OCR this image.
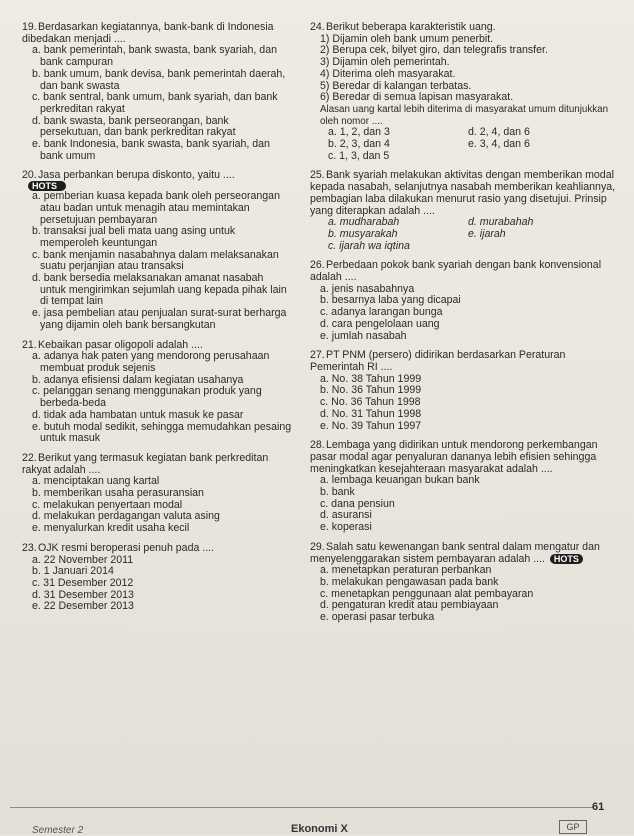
19.Berdasarkan kegiatannya, bank-bank di Indonesia dibedakan menjadi ....
a. bank pemerintah, bank swasta, bank syariah, dan bank campuran
b. bank umum, bank devisa, bank pemerintah daerah, dan bank swasta
c. bank sentral, bank umum, bank syariah, dan bank perkreditan rakyat
d. bank swasta, bank perseorangan, bank persekutuan, dan bank perkreditan rakyat
e. bank Indonesia, bank swasta, bank syariah, dan bank umum
20.Jasa perbankan berupa diskonto, yaitu ....
HOTS
a. pemberian kuasa kepada bank oleh perseorangan atau badan untuk menagih atau memintakan persetujuan pembayaran
b. transaksi jual beli mata uang asing untuk memperoleh keuntungan
c. bank menjamin nasabahnya dalam melaksanakan suatu perjanjian atau transaksi
d. bank bersedia melaksanakan amanat nasabah untuk mengirimkan sejumlah uang kepada pihak lain di tempat lain
e. jasa pembelian atau penjualan surat-surat berharga yang dijamin oleh bank bersangkutan
21.Kebaikan pasar oligopoli adalah ....
a. adanya hak paten yang mendorong perusahaan membuat produk sejenis
b. adanya efisiensi dalam kegiatan usahanya
c. pelanggan senang menggunakan produk yang berbeda-beda
d. tidak ada hambatan untuk masuk ke pasar
e. butuh modal sedikit, sehingga memudahkan pesaing untuk masuk
22.Berikut yang termasuk kegiatan bank perkreditan rakyat adalah ....
a. menciptakan uang kartal
b. memberikan usaha perasuransian
c. melakukan penyertaan modal
d. melakukan perdagangan valuta asing
e. menyalurkan kredit usaha kecil
23.OJK resmi beroperasi penuh pada ....
a. 22 November 2011
b. 1 Januari 2014
c. 31 Desember 2012
d. 31 Desember 2013
e. 22 Desember 2013
24.Berikut beberapa karakteristik uang.
1) Dijamin oleh bank umum penerbit.
2) Berupa cek, bilyet giro, dan telegrafis transfer.
3) Dijamin oleh pemerintah.
4) Diterima oleh masyarakat.
5) Beredar di kalangan terbatas.
6) Beredar di semua lapisan masyarakat.
Alasan uang kartal lebih diterima di masyarakat umum ditunjukkan oleh nomor ....
a. 1, 2, dan 3	d. 2, 4, dan 6
b. 2, 3, dan 4	e. 3, 4, dan 6
c. 1, 3, dan 5
25.Bank syariah melakukan aktivitas dengan memberikan modal kepada nasabah, selanjutnya nasabah memberikan keahliannya, pembagian laba dilakukan menurut rasio yang disetujui. Prinsip yang diterapkan adalah ....
a. mudharabah	d. murabahah
b. musyarakah	e. ijarah
c. ijarah wa iqtina
26.Perbedaan pokok bank syariah dengan bank konvensional adalah ....
a. jenis nasabahnya
b. besarnya laba yang dicapai
c. adanya larangan bunga
d. cara pengelolaan uang
e. jumlah nasabah
27.PT PNM (persero) didirikan berdasarkan Peraturan Pemerintah RI ....
a. No. 38 Tahun 1999
b. No. 36 Tahun 1999
c. No. 36 Tahun 1998
d. No. 31 Tahun 1998
e. No. 39 Tahun 1997
28.Lembaga yang didirikan untuk mendorong perkembangan pasar modal agar penyaluran dananya lebih efisien sehingga meningkatkan kesejahteraan masyarakat adalah ....
a. lembaga keuangan bukan bank
b. bank
c. dana pensiun
d. asuransi
e. koperasi
29.Salah satu kewenangan bank sentral dalam mengatur dan menyelenggarakan sistem pembayaran adalah .... HOTS
a. menetapkan peraturan perbankan
b. melakukan pengawasan pada bank
c. menetapkan penggunaan alat pembayaran
d. pengaturan kredit atau pembiayaan
e. operasi pasar terbuka
Semester 2	Ekonomi X
61
GP
